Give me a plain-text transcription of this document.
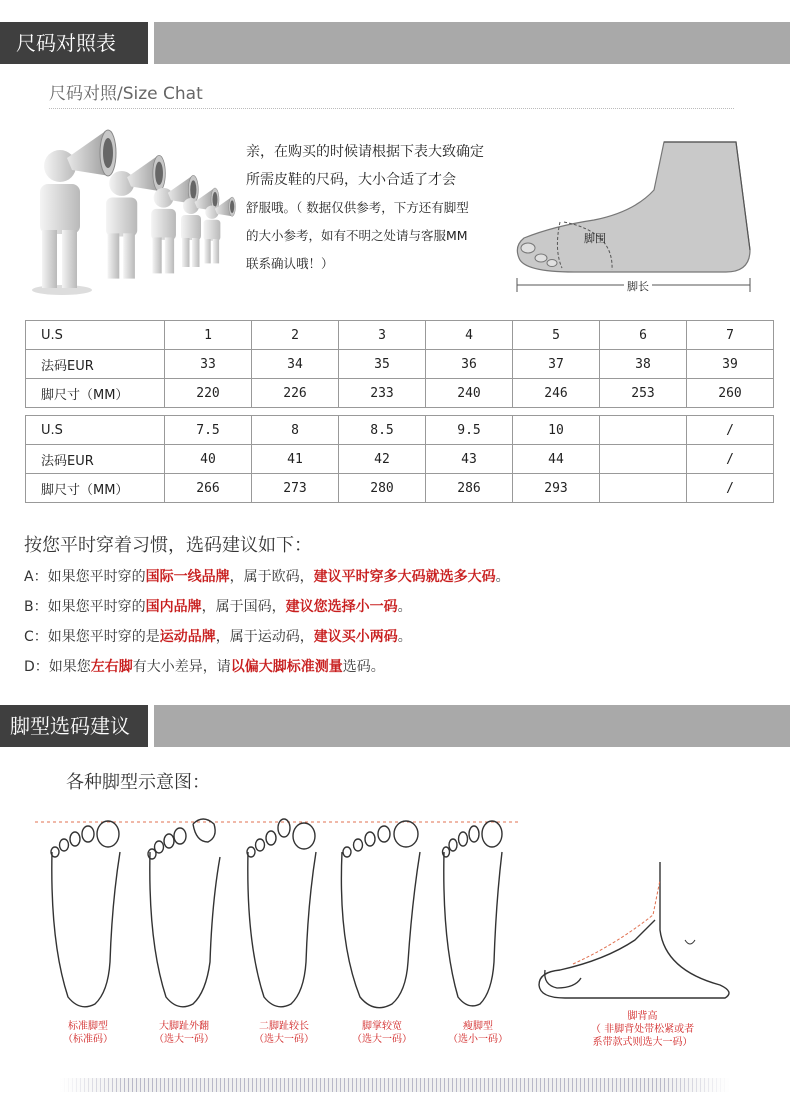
尺码对照表
尺码对照/Size Chat
亲，在购买的时候请根据下表大致确定
所需皮鞋的尺码，大小合适了才会
舒服哦。（ 数据仅供参考，下方还有脚型
的大小参考，如有不明之处请与客服MM
联系确认哦！）
脚围
脚长
U.S	1	2	3	4	5	6	7
法码EUR	33	34	35	36	37	38	39
脚尺寸（MM）	220	226	233	240	246	253	260
U.S	7.5	8	8.5	9.5	10		/
法码EUR	40	41	42	43	44		/
脚尺寸（MM）	266	273	280	286	293		/
按您平时穿着习惯，选码建议如下：
A：如果您平时穿的国际一线品牌，属于欧码，建议平时穿多大码就选多大码。
B：如果您平时穿的国内品牌，属于国码，建议您选择小一码。
C：如果您平时穿的是运动品牌，属于运动码，建议买小两码。
D：如果您左右脚有大小差异，请以偏大脚标准测量选码。
脚型选码建议
各种脚型示意图：
标准脚型
（标准码）
大脚趾外翻
（选大一码）
二脚趾较长
（选大一码）
脚掌较宽
（选大一码）
瘦脚型
（选小一码）
脚背高
（ 非脚背处带松紧或者
系带款式则选大一码）
